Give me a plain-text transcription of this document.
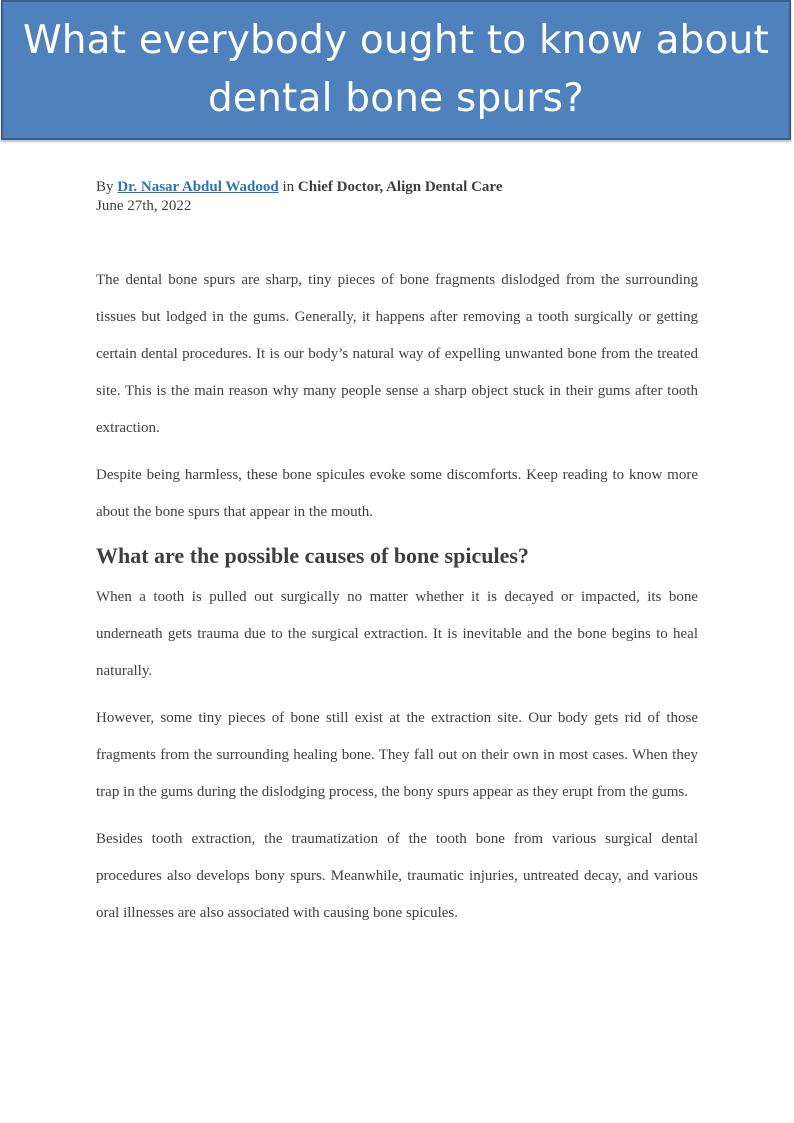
What everybody ought to know about
dental bone spurs?
By Dr. Nasar Abdul Wadood in Chief Doctor, Align Dental Care
June 27th, 2022

The dental bone spurs are sharp, tiny pieces of bone fragments dislodged from the surrounding tissues but lodged in the gums. Generally, it happens after removing a tooth surgically or getting certain dental procedures. It is our body’s natural way of expelling unwanted bone from the treated site. This is the main reason why many people sense a sharp object stuck in their gums after tooth extraction.

Despite being harmless, these bone spicules evoke some discomforts. Keep reading to know more about the bone spurs that appear in the mouth.

What are the possible causes of bone spicules?

When a tooth is pulled out surgically no matter whether it is decayed or impacted, its bone underneath gets trauma due to the surgical extraction. It is inevitable and the bone begins to heal naturally.

However, some tiny pieces of bone still exist at the extraction site. Our body gets rid of those fragments from the surrounding healing bone. They fall out on their own in most cases. When they trap in the gums during the dislodging process, the bony spurs appear as they erupt from the gums.

Besides tooth extraction, the traumatization of the tooth bone from various surgical dental procedures also develops bony spurs. Meanwhile, traumatic injuries, untreated decay, and various oral illnesses are also associated with causing bone spicules.
